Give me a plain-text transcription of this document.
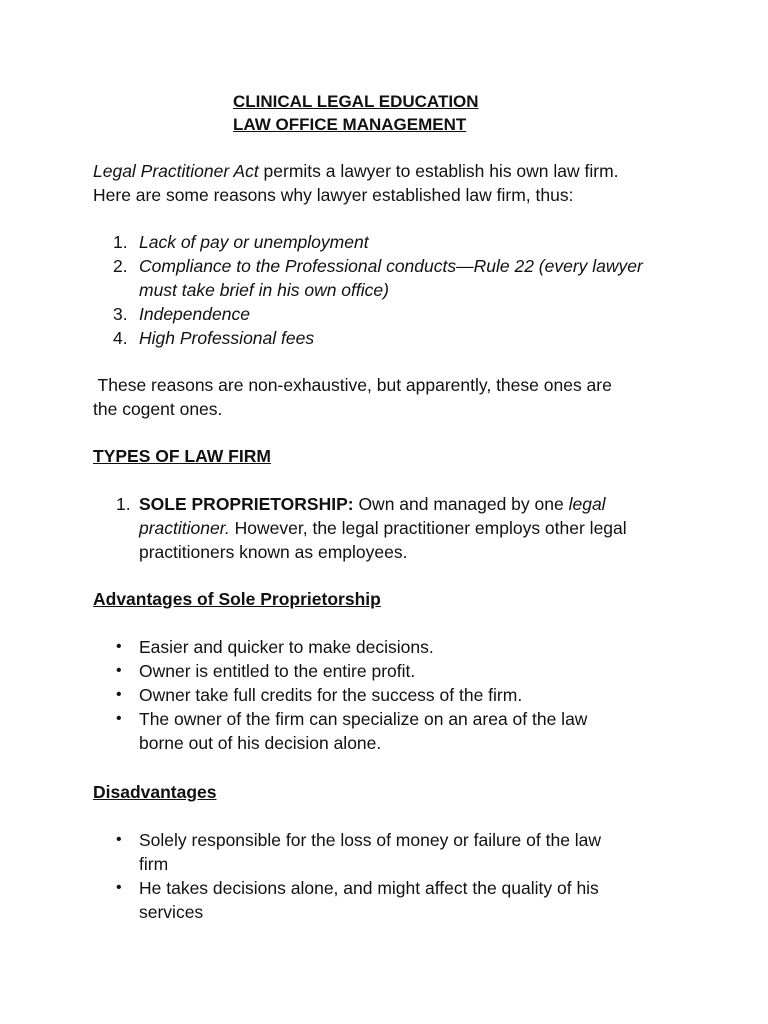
CLINICAL LEGAL EDUCATION
LAW OFFICE MANAGEMENT
Legal Practitioner Act permits a lawyer to establish his own law firm.
Here are some reasons why lawyer established law firm, thus:
1. Lack of pay or unemployment
2. Compliance to the Professional conducts—Rule 22 (every lawyer
must take brief in his own office)
3. Independence
4. High Professional fees
These reasons are non-exhaustive, but apparently, these ones are
the cogent ones.
TYPES OF LAW FIRM
1. SOLE PROPRIETORSHIP: Own and managed by one legal
practitioner. However, the legal practitioner employs other legal
practitioners known as employees.
Advantages of Sole Proprietorship
• Easier and quicker to make decisions.
• Owner is entitled to the entire profit.
• Owner take full credits for the success of the firm.
• The owner of the firm can specialize on an area of the law
borne out of his decision alone.
Disadvantages
• Solely responsible for the loss of money or failure of the law
firm
• He takes decisions alone, and might affect the quality of his
services
